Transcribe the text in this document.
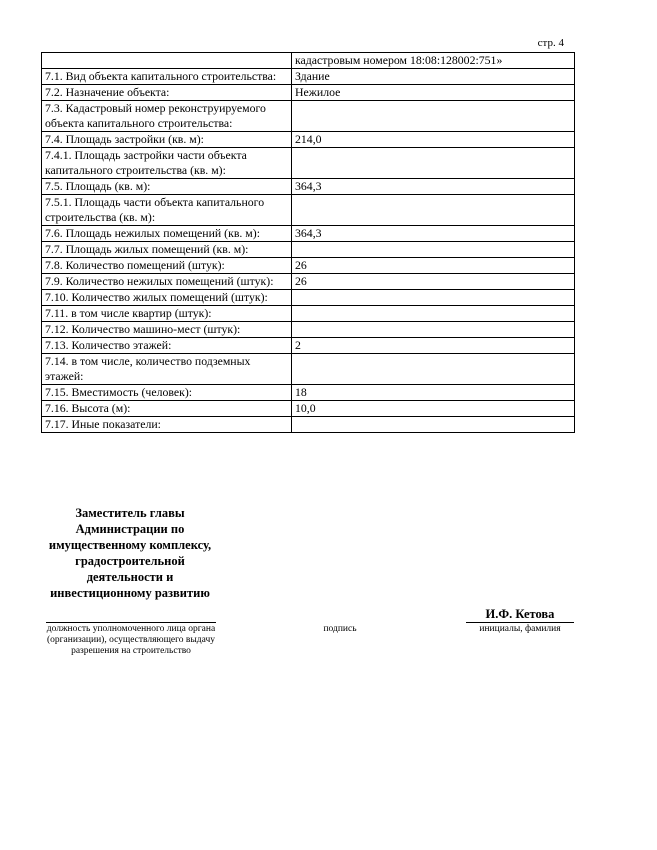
стр. 4
	кадастровым номером 18:08:128002:751»
7.1. Вид объекта капитального строительства:	Здание
7.2. Назначение объекта:	Нежилое
7.3. Кадастровый номер реконструируемого объекта капитального строительства:	
7.4. Площадь застройки (кв. м):	214,0
7.4.1. Площадь застройки части объекта капитального строительства (кв. м):	
7.5. Площадь (кв. м):	364,3
7.5.1. Площадь части объекта капитального строительства (кв. м):	
7.6. Площадь нежилых помещений (кв. м):	364,3
7.7. Площадь жилых помещений (кв. м):	
7.8. Количество помещений (штук):	26
7.9. Количество нежилых помещений (штук):	26
7.10. Количество жилых помещений (штук):	
7.11. в том числе квартир (штук):	
7.12. Количество машино-мест (штук):	
7.13. Количество этажей:	2
7.14. в том числе, количество подземных этажей:	
7.15. Вместимость (человек):	18
7.16. Высота (м):	10,0
7.17. Иные показатели:	
Заместитель главы Администрации по имущественному комплексу, градостроительной деятельности и инвестиционному развитию
И.Ф. Кетова
должность уполномоченного лица органа (организации), осуществляющего выдачу разрешения на строительство
подпись	инициалы, фамилия
